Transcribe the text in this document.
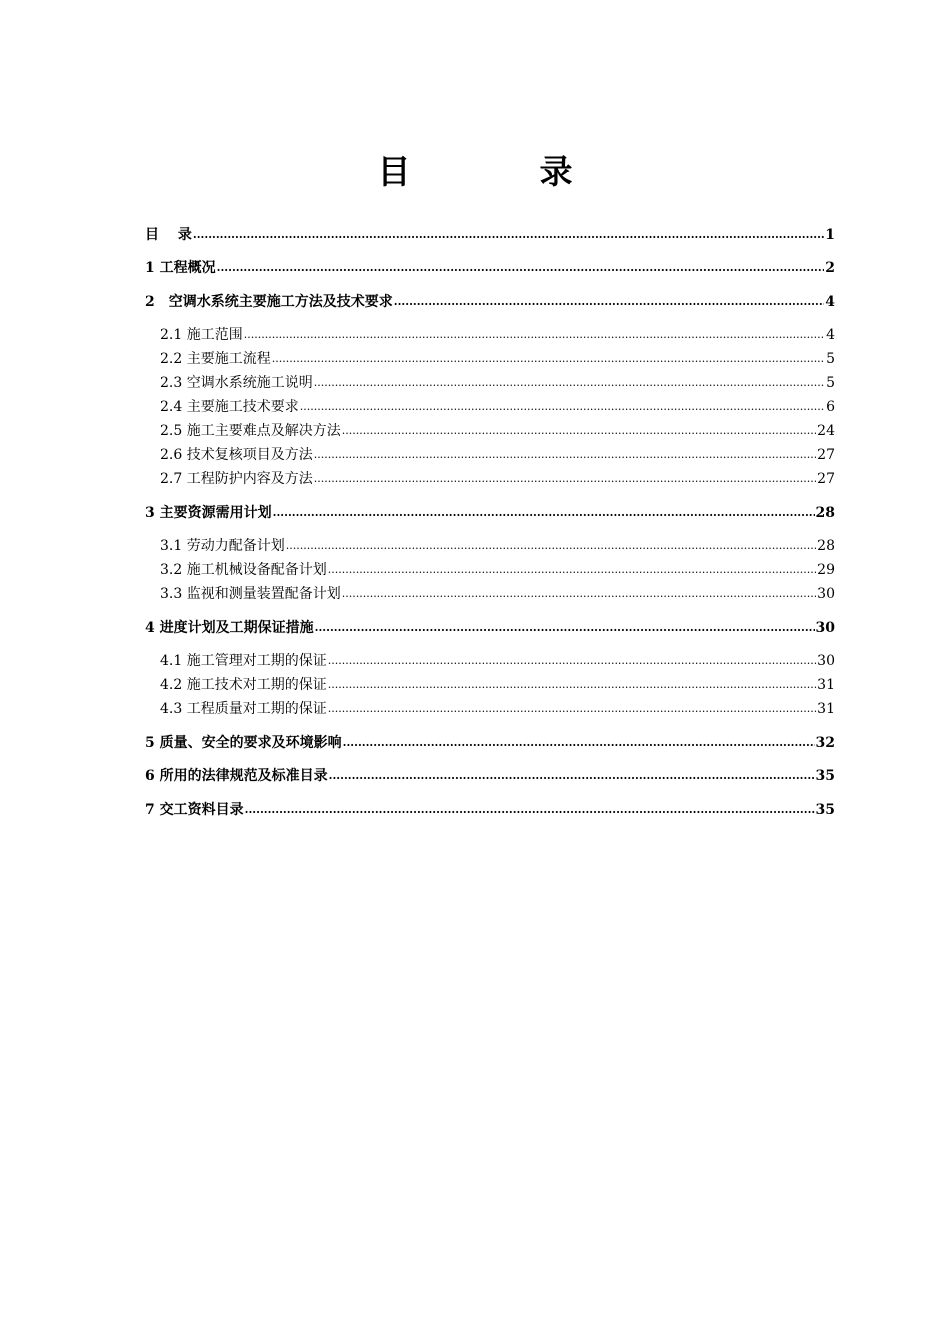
目　录
目　 录 .....	1
1 工程概况 .....	2
2　空调水系统主要施工方法及技术要求 .....	4
2.1 施工范围 .....	4
2.2 主要施工流程 .....	5
2.3 空调水系统施工说明 .....	5
2.4 主要施工技术要求 .....	6
2.5 施工主要难点及解决方法 .....	24
2.6 技术复核项目及方法 .....	27
2.7 工程防护内容及方法 .....	27
3 主要资源需用计划 .....	28
3.1 劳动力配备计划 .....	28
3.2 施工机械设备配备计划 .....	29
3.3 监视和测量装置配备计划 .....	30
4 进度计划及工期保证措施 .....	30
4.1 施工管理对工期的保证 .....	30
4.2 施工技术对工期的保证 .....	31
4.3 工程质量对工期的保证 .....	31
5 质量、安全的要求及环境影响 .....	32
6 所用的法律规范及标准目录 .....	35
7 交工资料目录 .....	35
